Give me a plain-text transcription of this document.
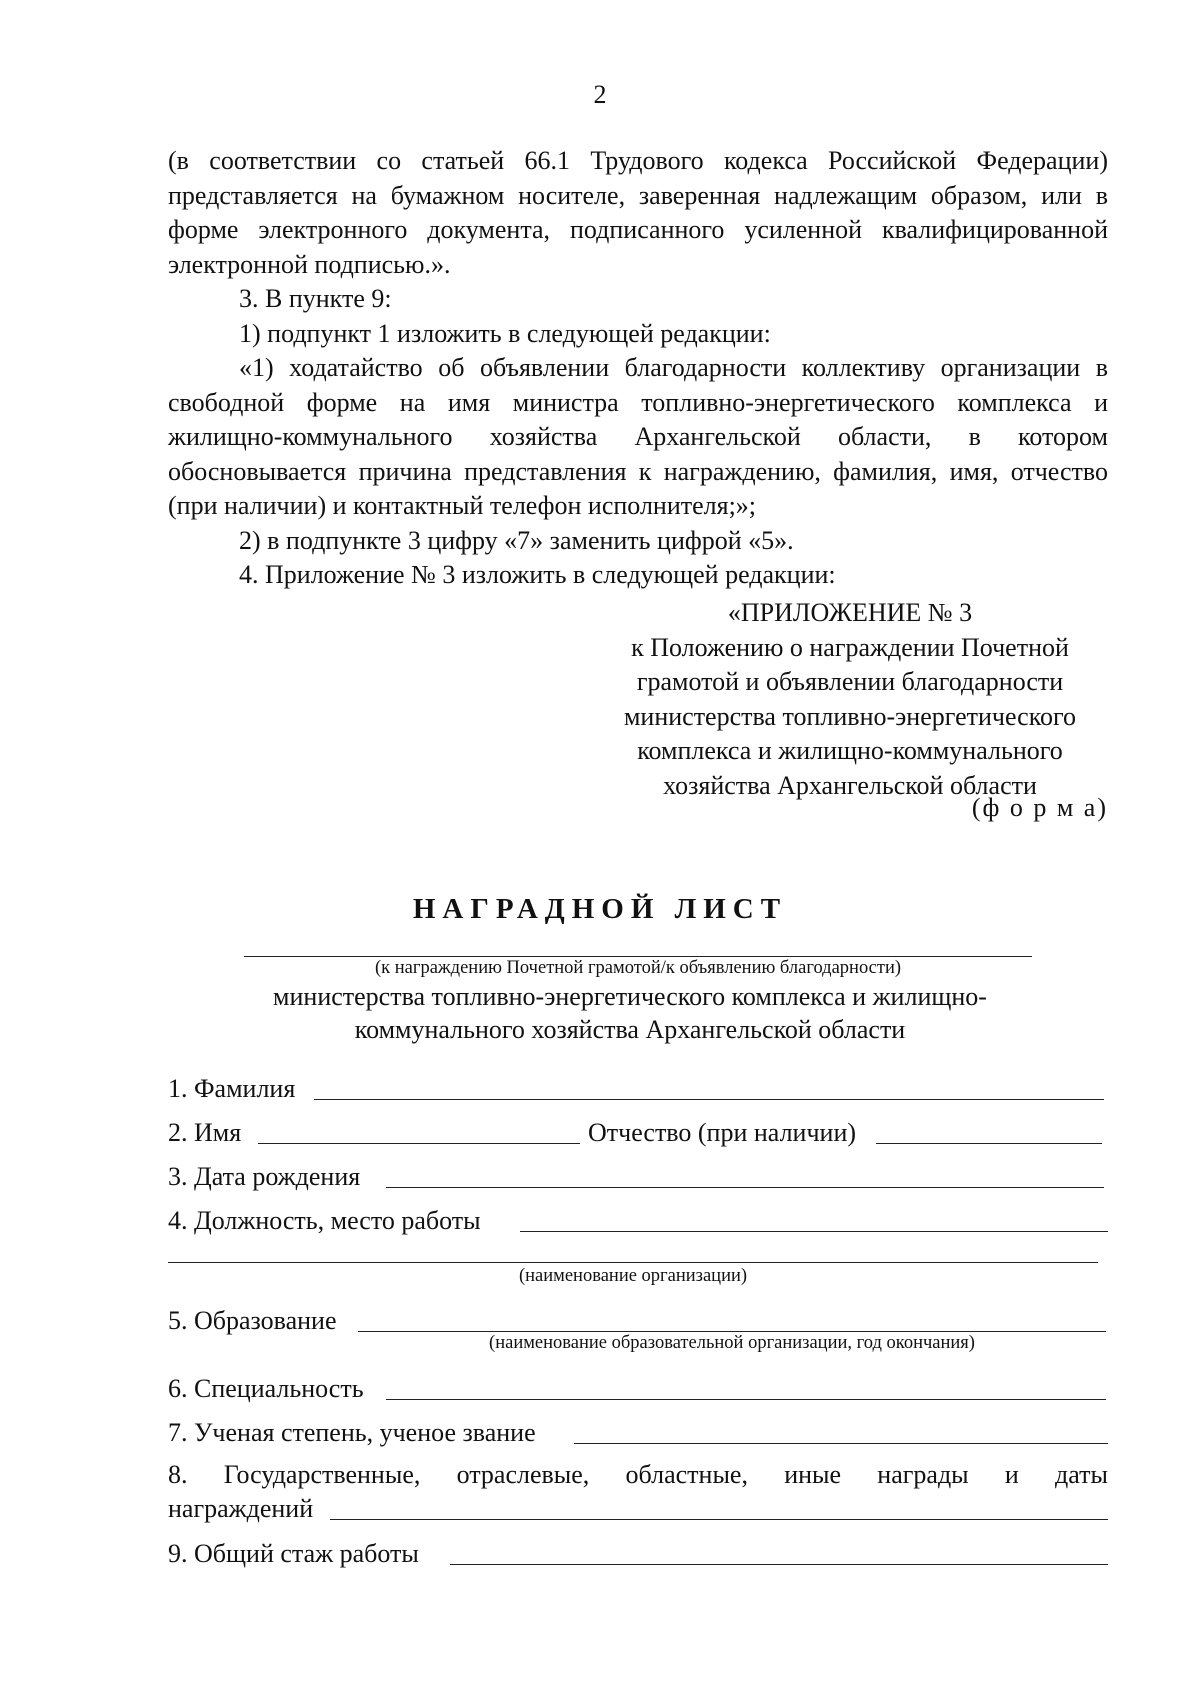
2
(в соответствии со статьей 66.1 Трудового кодекса Российской Федерации) представляется на бумажном носителе, заверенная надлежащим образом, или в форме электронного документа, подписанного усиленной квалифицированной электронной подписью.».
3. В пункте 9:
1) подпункт 1 изложить в следующей редакции:
«1) ходатайство об объявлении благодарности коллективу организации в свободной форме на имя министра топливно-энергетического комплекса и жилищно-коммунального хозяйства Архангельской области, в котором обосновывается причина представления к награждению, фамилия, имя, отчество (при наличии) и контактный телефон исполнителя;»;
2) в подпункте 3 цифру «7» заменить цифрой «5».
4. Приложение № 3 изложить в следующей редакции:
«ПРИЛОЖЕНИЕ № 3
к Положению о награждении Почетной
грамотой и объявлении благодарности
министерства топливно-энергетического
комплекса и жилищно-коммунального
хозяйства Архангельской области
(ф о р м а)
НАГРАДНОЙ ЛИСТ
(к награждению Почетной грамотой/к объявлению благодарности)
министерства топливно-энергетического комплекса и жилищно-
коммунального хозяйства Архангельской области
1. Фамилия
2. Имя	Отчество (при наличии)
3. Дата рождения
4. Должность, место работы
(наименование организации)
5. Образование
(наименование образовательной организации, год окончания)
6. Специальность
7. Ученая степень, ученое звание
8. Государственные, отраслевые, областные, иные награды и даты
награждений
9. Общий стаж работы
